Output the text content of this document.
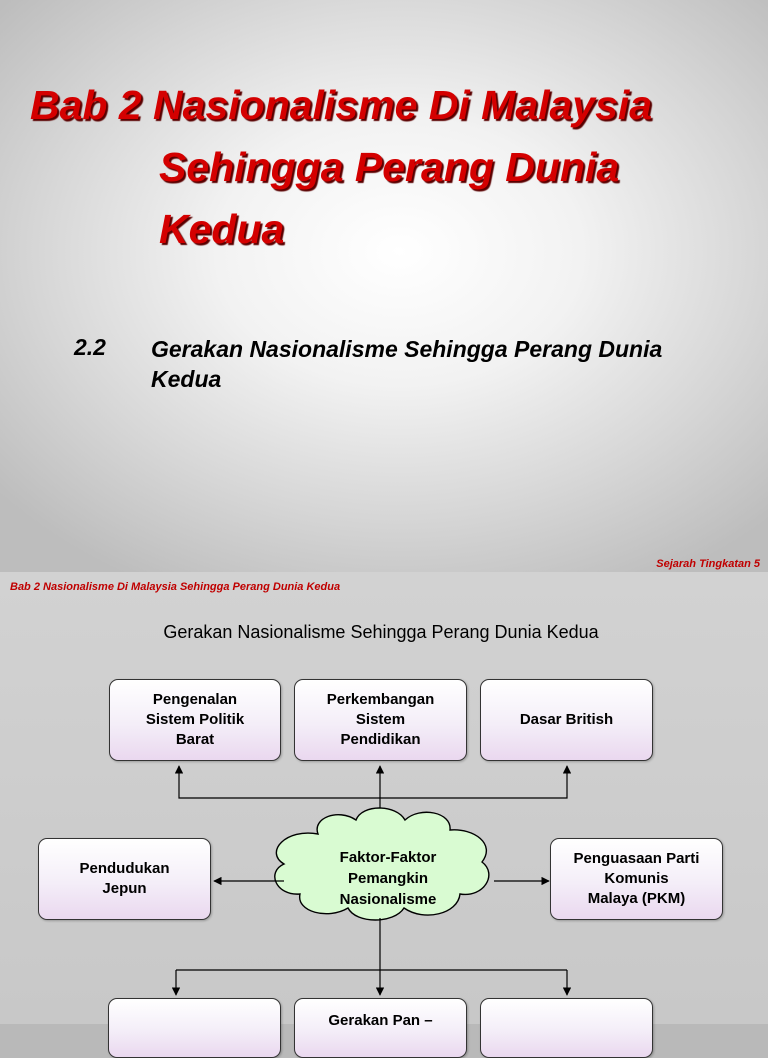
Bab 2 Nasionalisme Di Malaysia
Sehingga Perang Dunia
Kedua
2.2 Gerakan Nasionalisme Sehingga Perang Dunia Kedua
Sejarah Tingkatan 5
Bab 2 Nasionalisme Di Malaysia Sehingga Perang Dunia Kedua
Gerakan Nasionalisme Sehingga Perang Dunia Kedua
Faktor-Faktor
Pemangkin
Nasionalisme
Pengenalan
Sistem Politik
Barat
Perkembangan
Sistem
Pendidikan
Dasar British
Pendudukan
Jepun
Penguasaan Parti
Komunis
Malaya (PKM)
Gerakan Pan –
